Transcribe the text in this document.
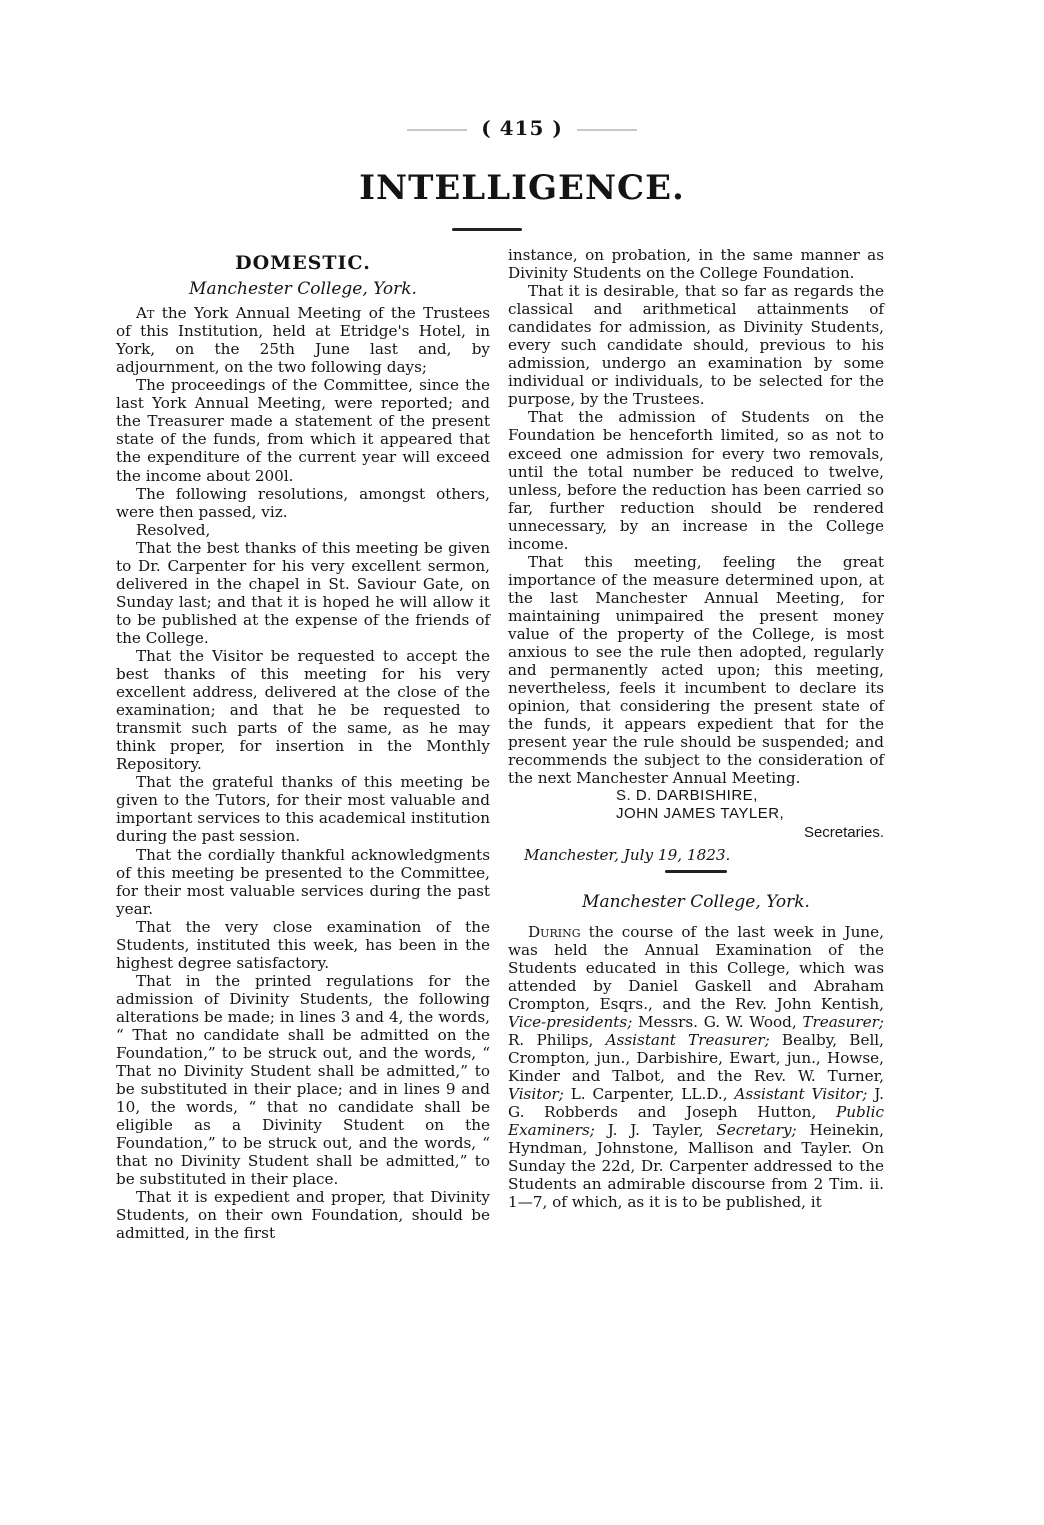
( 415 )
INTELLIGENCE.
DOMESTIC.
Manchester College, York.

At the York Annual Meeting of the Trustees of this Institution, held at Etridge's Hotel, in York, on the 25th June last and, by adjournment, on the two following days;

The proceedings of the Committee, since the last York Annual Meeting, were reported; and the Treasurer made a statement of the present state of the funds, from which it appeared that the expenditure of the current year will exceed the income about 200l.

The following resolutions, amongst others, were then passed, viz.

Resolved,

That the best thanks of this meeting be given to Dr. Carpenter for his very excellent sermon, delivered in the chapel in St. Saviour Gate, on Sunday last; and that it is hoped he will allow it to be published at the expense of the friends of the College.

That the Visitor be requested to accept the best thanks of this meeting for his very excellent address, delivered at the close of the examination; and that he be requested to transmit such parts of the same, as he may think proper, for insertion in the Monthly Repository.

That the grateful thanks of this meeting be given to the Tutors, for their most valuable and important services to this academical institution during the past session.

That the cordially thankful acknowledgments of this meeting be presented to the Committee, for their most valuable services during the past year.

That the very close examination of the Students, instituted this week, has been in the highest degree satisfactory.

That in the printed regulations for the admission of Divinity Students, the following alterations be made; in lines 3 and 4, the words, “ That no candidate shall be admitted on the Foundation,” to be struck out, and the words, “ That no Divinity Student shall be admitted,” to be substituted in their place; and in lines 9 and 10, the words, “ that no candidate shall be eligible as a Divinity Student on the Foundation,” to be struck out, and the words, “ that no Divinity Student shall be admitted,” to be substituted in their place.

That it is expedient and proper, that Divinity Students, on their own Foundation, should be admitted, in the first

instance, on probation, in the same manner as Divinity Students on the College Foundation.

That it is desirable, that so far as regards the classical and arithmetical attainments of candidates for admission, as Divinity Students, every such candidate should, previous to his admission, undergo an examination by some individual or individuals, to be selected for the purpose, by the Trustees.

That the admission of Students on the Foundation be henceforth limited, so as not to exceed one admission for every two removals, until the total number be reduced to twelve, unless, before the reduction has been carried so far, further reduction should be rendered unnecessary, by an increase in the College income.

That this meeting, feeling the great importance of the measure determined upon, at the last Manchester Annual Meeting, for maintaining unimpaired the present money value of the property of the College, is most anxious to see the rule then adopted, regularly and permanently acted upon; this meeting, nevertheless, feels it incumbent to declare its opinion, that considering the present state of the funds, it appears expedient that for the present year the rule should be suspended; and recommends the subject to the consideration of the next Manchester Annual Meeting.

S. D. DARBISHIRE,
JOHN JAMES TAYLER,
Secretaries.
Manchester, July 19, 1823.
Manchester College, York.

During the course of the last week in June, was held the Annual Examination of the Students educated in this College, which was attended by Daniel Gaskell and Abraham Crompton, Esqrs., and the Rev. John Kentish, Vice-presidents; Messrs. G. W. Wood, Treasurer; R. Philips, Assistant Treasurer; Bealby, Bell, Crompton, jun., Darbishire, Ewart, jun., Howse, Kinder and Talbot, and the Rev. W. Turner, Visitor; L. Carpenter, LL.D., Assistant Visitor; J. G. Robberds and Joseph Hutton, Public Examiners; J. J. Tayler, Secretary; Heinekin, Hyndman, Johnstone, Mallison and Tayler. On Sunday the 22d, Dr. Carpenter addressed to the Students an admirable discourse from 2 Tim. ii. 1—7, of which, as it is to be published, it
